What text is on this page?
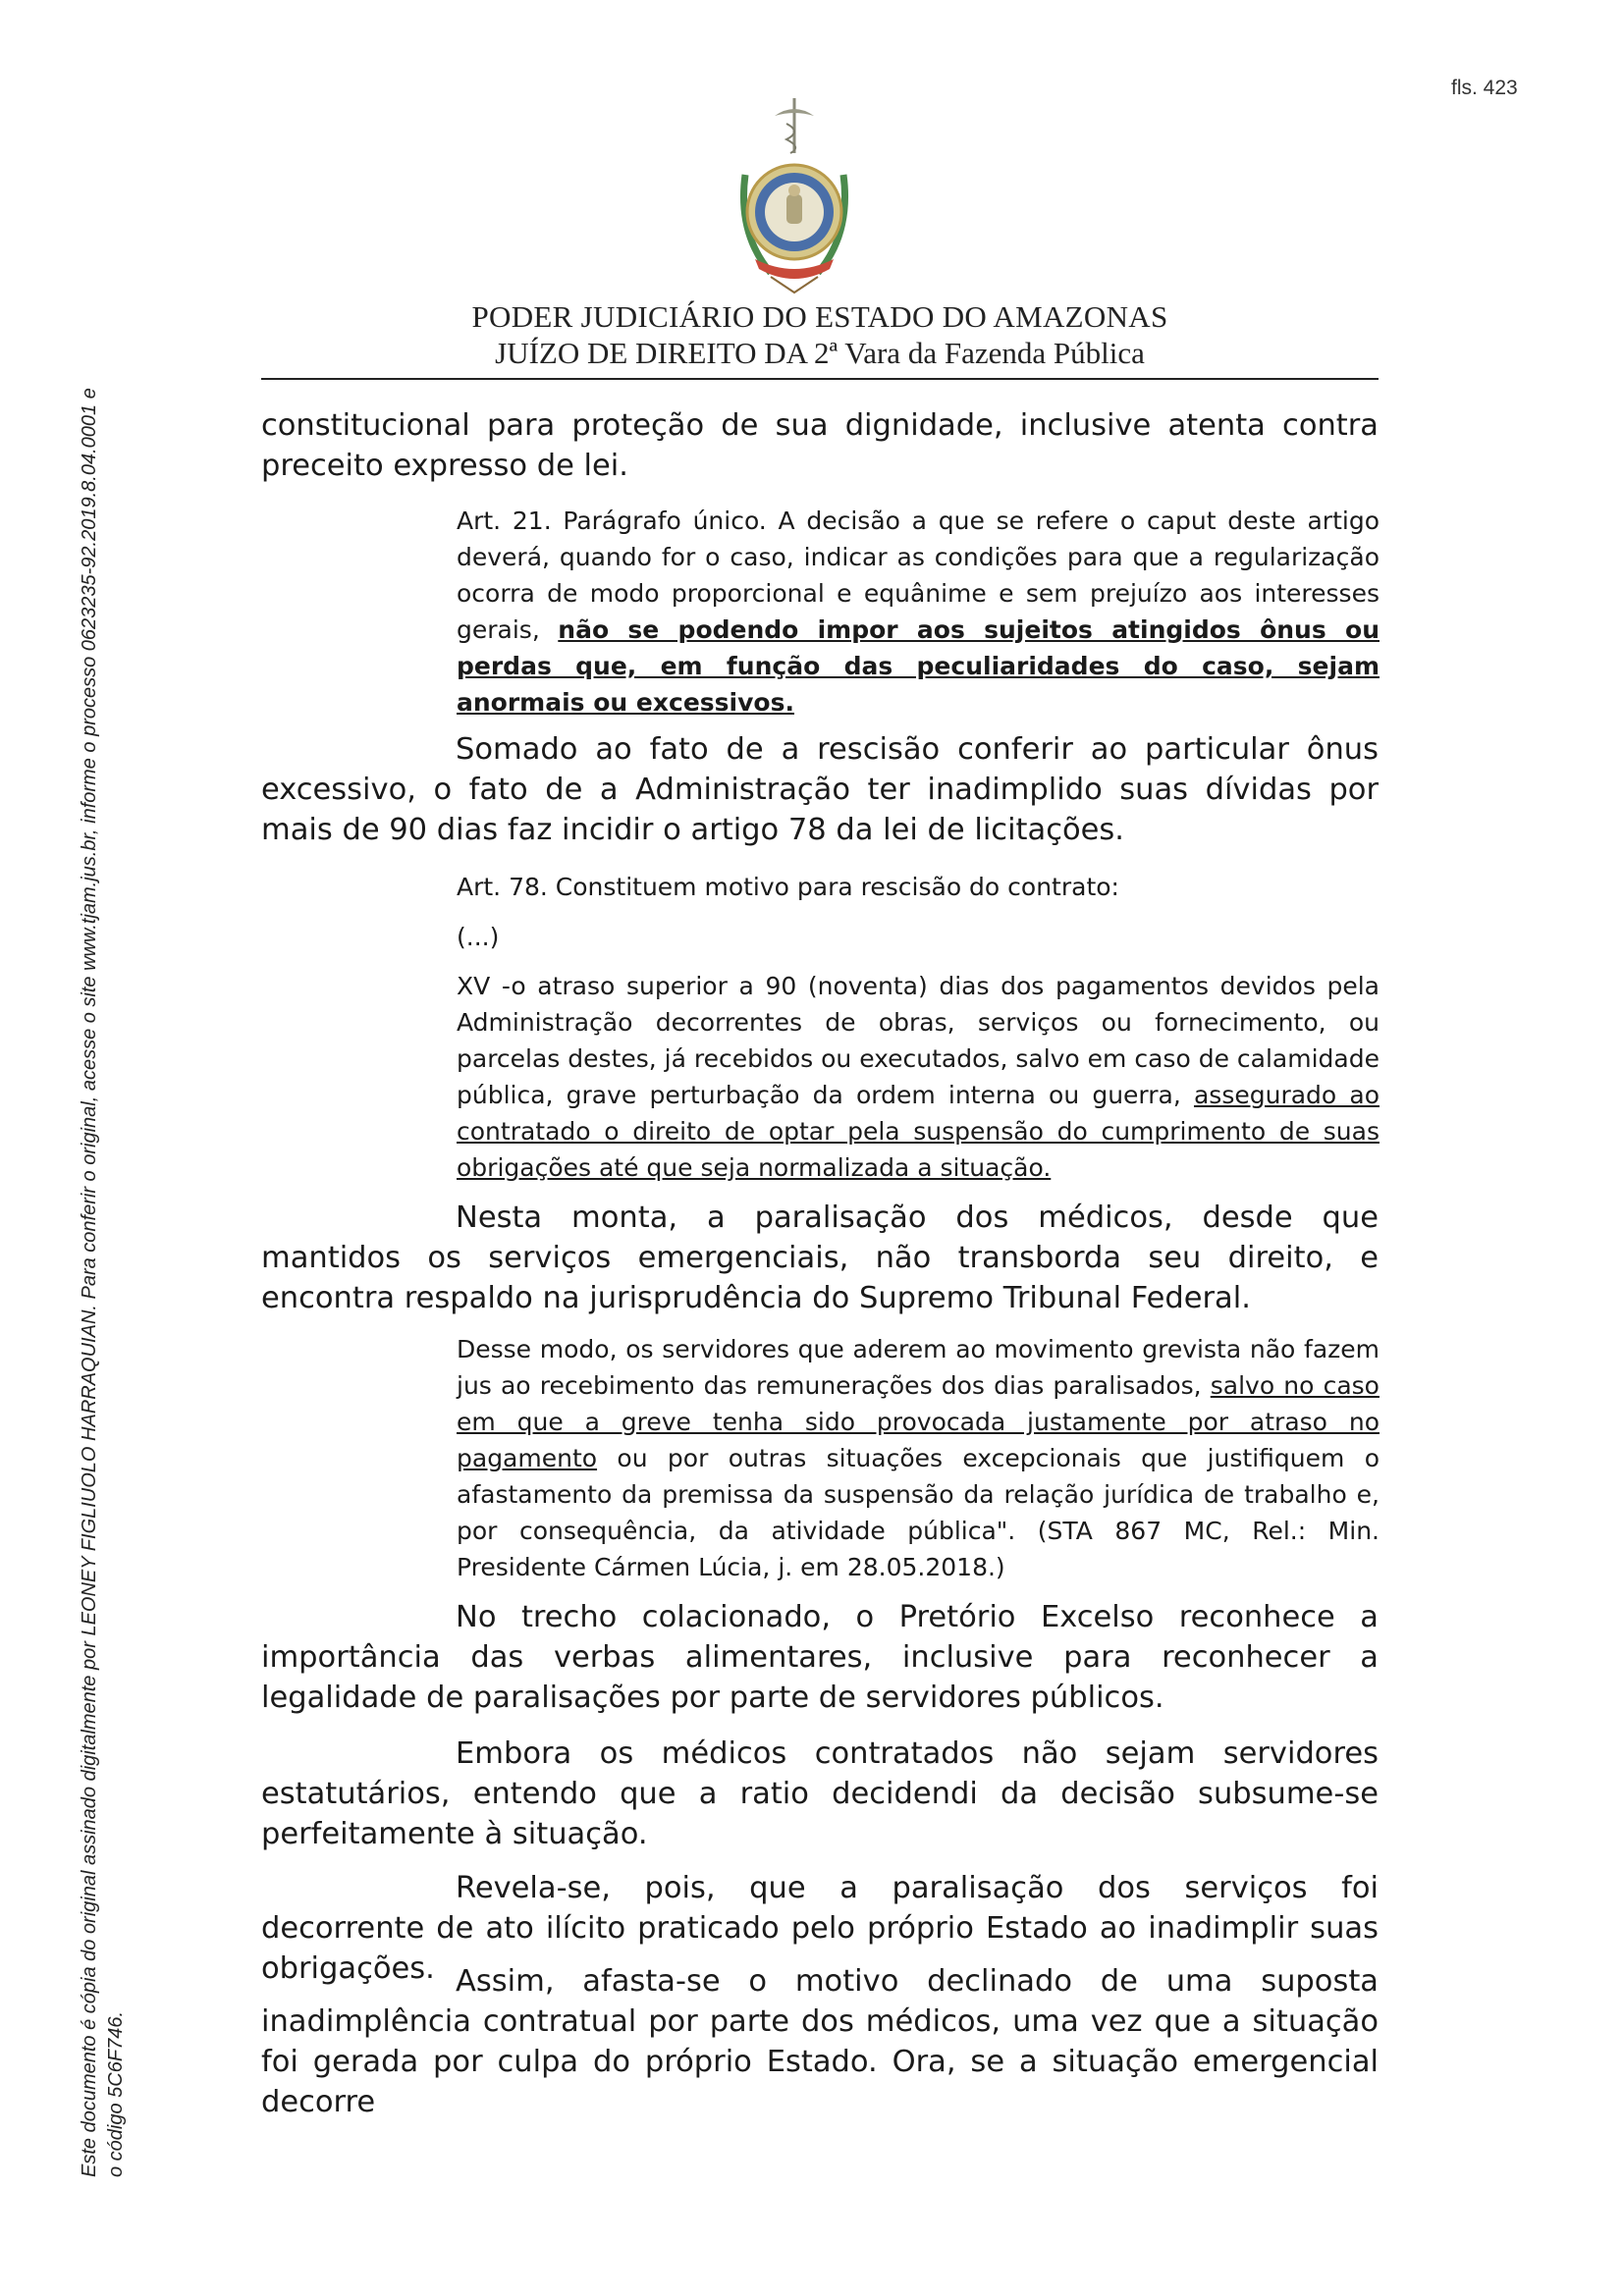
fls. 423
Este documento é cópia do original assinado digitalmente por LEONEY FIGLIUOLO HARRAQUIAN. Para conferir o original, acesse o site www.tjam.jus.br, informe o processo 0623235-92.2019.8.04.0001 e o código 5C6F746.
PODER JUDICIÁRIO DO ESTADO DO AMAZONAS
JUÍZO DE DIREITO DA 2ª Vara da Fazenda Pública
constitucional para proteção de sua dignidade, inclusive atenta contra preceito expresso de lei.
Art. 21. Parágrafo único. A decisão a que se refere o caput deste artigo deverá, quando for o caso, indicar as condições para que a regularização ocorra de modo proporcional e equânime e sem prejuízo aos interesses gerais, não se podendo impor aos sujeitos atingidos ônus ou perdas que, em função das peculiaridades do caso, sejam anormais ou excessivos.
Somado ao fato de a rescisão conferir ao particular ônus excessivo, o fato de a Administração ter inadimplido suas dívidas por mais de 90 dias faz incidir o artigo 78 da lei de licitações.
Art. 78. Constituem motivo para rescisão do contrato:
(...)
XV -o atraso superior a 90 (noventa) dias dos pagamentos devidos pela Administração decorrentes de obras, serviços ou fornecimento, ou parcelas destes, já recebidos ou executados, salvo em caso de calamidade pública, grave perturbação da ordem interna ou guerra, assegurado ao contratado o direito de optar pela suspensão do cumprimento de suas obrigações até que seja normalizada a situação.
Nesta monta, a paralisação dos médicos, desde que mantidos os serviços emergenciais, não transborda seu direito, e encontra respaldo na jurisprudência do Supremo Tribunal Federal.
Desse modo, os servidores que aderem ao movimento grevista não fazem jus ao recebimento das remunerações dos dias paralisados, salvo no caso em que a greve tenha sido provocada justamente por atraso no pagamento ou por outras situações excepcionais que justifiquem o afastamento da premissa da suspensão da relação jurídica de trabalho e, por consequência, da atividade pública". (STA 867 MC, Rel.: Min. Presidente Cármen Lúcia, j. em 28.05.2018.)
No trecho colacionado, o Pretório Excelso reconhece a importância das verbas alimentares, inclusive para reconhecer a legalidade de paralisações por parte de servidores públicos.
Embora os médicos contratados não sejam servidores estatutários, entendo que a ratio decidendi da decisão subsume-se perfeitamente à situação.
Revela-se, pois, que a paralisação dos serviços foi decorrente de ato ilícito praticado pelo próprio Estado ao inadimplir suas obrigações. Assim, afasta-se o motivo declinado de uma suposta inadimplência contratual por parte dos médicos, uma vez que a situação foi gerada por culpa do próprio Estado. Ora, se a situação emergencial decorre
